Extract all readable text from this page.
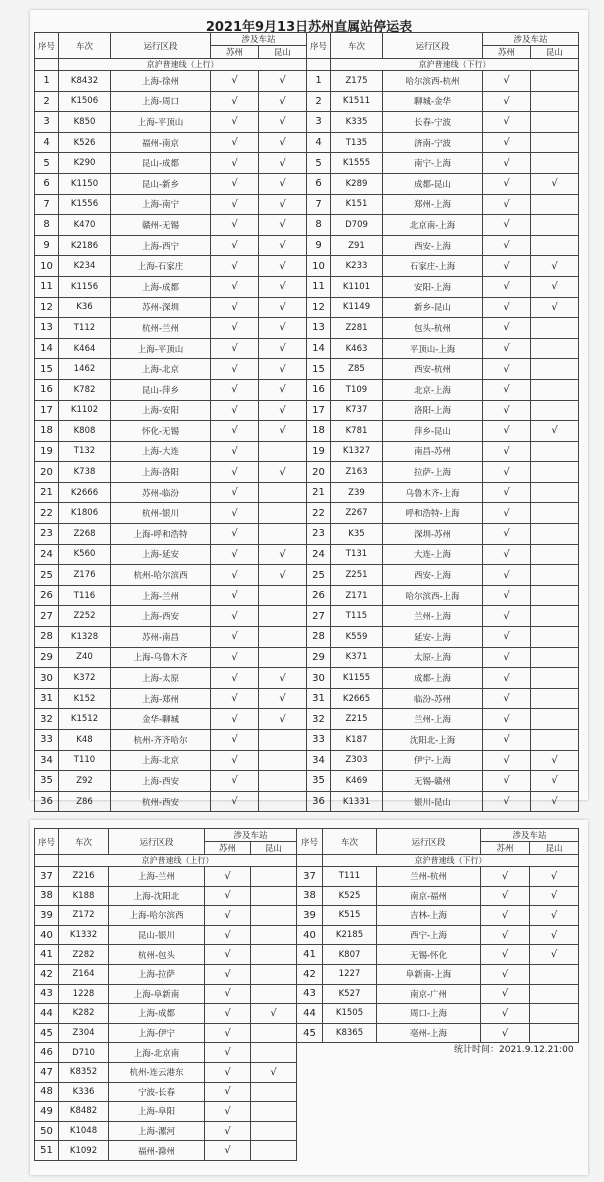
2021年9月13日苏州直属站停运表
序号	车次	运行区段	涉及车站	
			苏州	昆山
	京沪普速线（上行）			
1	K8432	上海-徐州	√	√
2	K1506	上海-周口	√	√
3	K850	上海-平顶山	√	√
4	K526	福州-南京	√	√
5	K290	昆山-成都	√	√
6	K1150	昆山-新乡	√	√
7	K1556	上海-南宁	√	√
8	K470	赣州-无锡	√	√
9	K2186	上海-西宁	√	√
10	K234	上海-石家庄	√	√
11	K1156	上海-成都	√	√
12	K36	苏州-深圳	√	√
13	T112	杭州-兰州	√	√
14	K464	上海-平顶山	√	√
15	1462	上海-北京	√	√
16	K782	昆山-萍乡	√	√
17	K1102	上海-安阳	√	√
18	K808	怀化-无锡	√	√
19	T132	上海-大连	√	
20	K738	上海-洛阳	√	√
21	K2666	苏州-临汾	√	
22	K1806	杭州-银川	√	
23	Z268	上海-呼和浩特	√	
24	K560	上海-延安	√	√
25	Z176	杭州-哈尔滨西	√	√
26	T116	上海-兰州	√	
27	Z252	上海-西安	√	
28	K1328	苏州-南昌	√	
29	Z40	上海-乌鲁木齐	√	
30	K372	上海-太原	√	√
31	K152	上海-郑州	√	√
32	K1512	金华-聊城	√	√
33	K48	杭州-齐齐哈尔	√	
34	T110	上海-北京	√	
35	Z92	上海-西安	√	
36	Z86	杭州-西安	√	
序号	车次	运行区段	涉及车站	
			苏州	昆山
	京沪普速线（下行）			
1	Z175	哈尔滨西-杭州	√	
2	K1511	聊城-金华	√	
3	K335	长春-宁波	√	
4	T135	济南-宁波	√	
5	K1555	南宁-上海	√	
6	K289	成都-昆山	√	√
7	K151	郑州-上海	√	
8	D709	北京南-上海	√	
9	Z91	西安-上海	√	
10	K233	石家庄-上海	√	√
11	K1101	安阳-上海	√	√
12	K1149	新乡-昆山	√	√
13	Z281	包头-杭州	√	
14	K463	平顶山-上海	√	
15	Z85	西安-杭州	√	
16	T109	北京-上海	√	
17	K737	洛阳-上海	√	
18	K781	萍乡-昆山	√	√
19	K1327	南昌-苏州	√	
20	Z163	拉萨-上海	√	
21	Z39	乌鲁木齐-上海	√	
22	Z267	呼和浩特-上海	√	
23	K35	深圳-苏州	√	
24	T131	大连-上海	√	
25	Z251	西安-上海	√	
26	Z171	哈尔滨西-上海	√	
27	T115	兰州-上海	√	
28	K559	延安-上海	√	
29	K371	太原-上海	√	
30	K1155	成都-上海	√	
31	K2665	临汾-苏州	√	
32	Z215	兰州-上海	√	
33	K187	沈阳北-上海	√	
34	Z303	伊宁-上海	√	√
35	K469	无锡-赣州	√	√
36	K1331	银川-昆山	√	√
序号	车次	运行区段	涉及车站	
			苏州	昆山
	京沪普速线（上行）			
37	Z216	上海-兰州	√	
38	K188	上海-沈阳北	√	
39	Z172	上海-哈尔滨西	√	
40	K1332	昆山-银川	√	
41	Z282	杭州-包头	√	
42	Z164	上海-拉萨	√	
43	1228	上海-阜新南	√	
44	K282	上海-成都	√	√
45	Z304	上海-伊宁	√	
46	D710	上海-北京南	√	
47	K8352	杭州-连云港东	√	√
48	K336	宁波-长春	√	
49	K8482	上海-阜阳	√	
50	K1048	上海-漯河	√	
51	K1092	福州-滁州	√	
序号	车次	运行区段	涉及车站	
			苏州	昆山
	京沪普速线（下行）			
37	T111	兰州-杭州	√	√
38	K525	南京-福州	√	√
39	K515	吉林-上海	√	√
40	K2185	西宁-上海	√	√
41	K807	无锡-怀化	√	√
42	1227	阜新南-上海	√	
43	K527	南京-广州	√	
44	K1505	周口-上海	√	
45	K8365	亳州-上海	√	
统计时间：2021.9.12.21:00
